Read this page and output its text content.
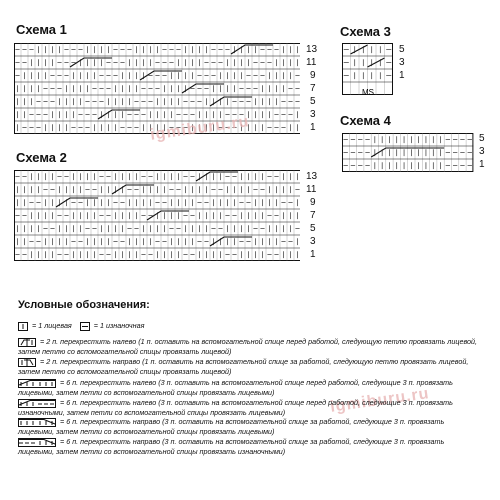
Схема 1
13
11
9
7
5
3
1
Схема 2
13
11
9
7
5
3
1
Схема 3
MS
5
3
1
Схема 4
5
3
1
igmiburu.ru
igmiburu.ru
Условные обозначения:
= 1 лицевая	= 1 изнаночная
= 2 п. перекрестить налево (1 п. оставить на вспомогательной спице перед работой, следующую петлю провязать лицевой, затем петлю со вспомогательной спицы провязать лицевой)
= 2 п. перекрестить направо (1 п. оставить на вспомогательной спице за работой, следующую петлю провязать лицевой, затем петлю со вспомогательной спицы провязать лицевой)
= 6 п. перекрестить налево (3 п. оставить на вспомогательной спице перед работой, следующие 3 п. провязать лицевыми, затем петли со вспомогательной спицы провязать лицевыми)
= 6 п. перекрестить налево (3 п. оставить на вспомогательной спице перед работой, следующие 3 п. провязать изнаночными, затем петли со вспомогательной спицы провязать лицевыми)
= 6 п. перекрестить направо (3 п. оставить на вспомогательной спице за работой, следующие 3 п. провязать лицевыми, затем петли со вспомогательной спицы провязать лицевыми)
= 6 п. перекрестить направо (3 п. оставить на вспомогательной спице за работой, следующие 3 п. провязать лицевыми, затем петли со вспомогательной спицы провязать изнаночными)
